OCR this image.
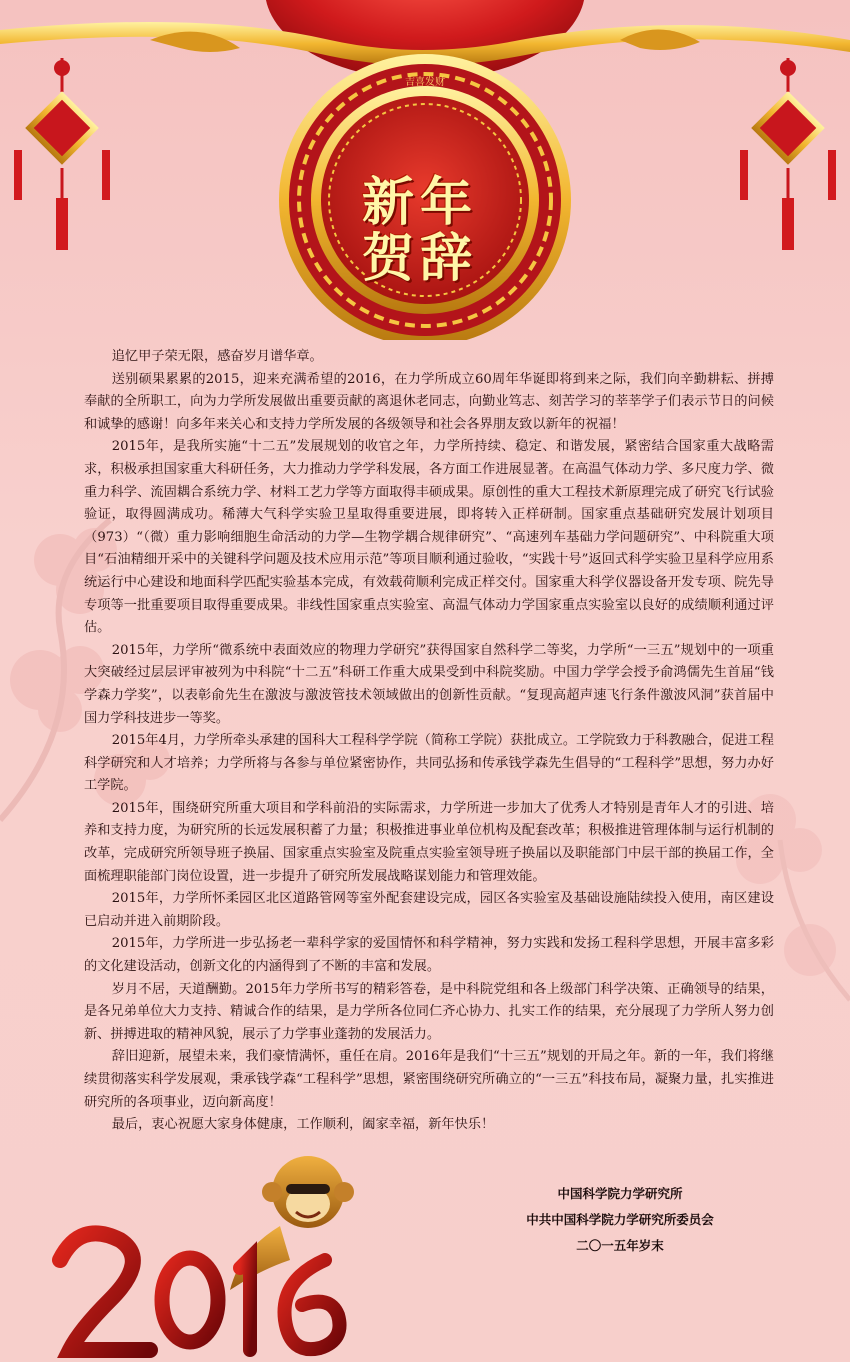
吉喜发财
新年
贺辞

追忆甲子荣无限，感奋岁月谱华章。

送别硕果累累的2015，迎来充满希望的2016，在力学所成立60周年华诞即将到来之际，我们向辛勤耕耘、拼搏奉献的全所职工，向为力学所发展做出重要贡献的离退休老同志，向勤业笃志、刻苦学习的莘莘学子们表示节日的问候和诚挚的感谢！向多年来关心和支持力学所发展的各级领导和社会各界朋友致以新年的祝福！

2015年，是我所实施“十二五”发展规划的收官之年，力学所持续、稳定、和谐发展，紧密结合国家重大战略需求，积极承担国家重大科研任务，大力推动力学学科发展，各方面工作进展显著。在高温气体动力学、多尺度力学、微重力科学、流固耦合系统力学、材料工艺力学等方面取得丰硕成果。原创性的重大工程技术新原理完成了研究飞行试验验证，取得圆满成功。稀薄大气科学实验卫星取得重要进展，即将转入正样研制。国家重点基础研究发展计划项目（973）“（微）重力影响细胞生命活动的力学—生物学耦合规律研究”、“高速列车基础力学问题研究”、中科院重大项目“石油精细开采中的关键科学问题及技术应用示范”等项目顺利通过验收，“实践十号”返回式科学实验卫星科学应用系统运行中心建设和地面科学匹配实验基本完成，有效载荷顺利完成正样交付。国家重大科学仪器设备开发专项、院先导专项等一批重要项目取得重要成果。非线性国家重点实验室、高温气体动力学国家重点实验室以良好的成绩顺利通过评估。

2015年，力学所“微系统中表面效应的物理力学研究”获得国家自然科学二等奖，力学所“一三五”规划中的一项重大突破经过层层评审被列为中科院“十二五”科研工作重大成果受到中科院奖励。中国力学学会授予俞鸿儒先生首届“钱学森力学奖”，以表彰俞先生在激波与激波管技术领域做出的创新性贡献。“复现高超声速飞行条件激波风洞”获首届中国力学科技进步一等奖。

2015年4月，力学所牵头承建的国科大工程科学学院（简称工学院）获批成立。工学院致力于科教融合，促进工程科学研究和人才培养；力学所将与各参与单位紧密协作，共同弘扬和传承钱学森先生倡导的“工程科学”思想，努力办好工学院。

2015年，围绕研究所重大项目和学科前沿的实际需求，力学所进一步加大了优秀人才特别是青年人才的引进、培养和支持力度，为研究所的长远发展积蓄了力量；积极推进事业单位机构及配套改革；积极推进管理体制与运行机制的改革，完成研究所领导班子换届、国家重点实验室及院重点实验室领导班子换届以及职能部门中层干部的换届工作，全面梳理职能部门岗位设置，进一步提升了研究所发展战略谋划能力和管理效能。

2015年，力学所怀柔园区北区道路管网等室外配套建设完成，园区各实验室及基础设施陆续投入使用，南区建设已启动并进入前期阶段。

2015年，力学所进一步弘扬老一辈科学家的爱国情怀和科学精神，努力实践和发扬工程科学思想，开展丰富多彩的文化建设活动，创新文化的内涵得到了不断的丰富和发展。

岁月不居，天道酬勤。2015年力学所书写的精彩答卷，是中科院党组和各上级部门科学决策、正确领导的结果，是各兄弟单位大力支持、精诚合作的结果，是力学所各位同仁齐心协力、扎实工作的结果，充分展现了力学所人努力创新、拼搏进取的精神风貌，展示了力学事业蓬勃的发展活力。

辞旧迎新，展望未来，我们豪情满怀，重任在肩。2016年是我们“十三五”规划的开局之年。新的一年，我们将继续贯彻落实科学发展观，秉承钱学森“工程科学”思想，紧密围绕研究所确立的“一三五”科技布局，凝聚力量，扎实推进研究所的各项事业，迈向新高度！

最后，衷心祝愿大家身体健康，工作顺利，阖家幸福，新年快乐！

中国科学院力学研究所
中共中国科学院力学研究所委员会
二〇一五年岁末
